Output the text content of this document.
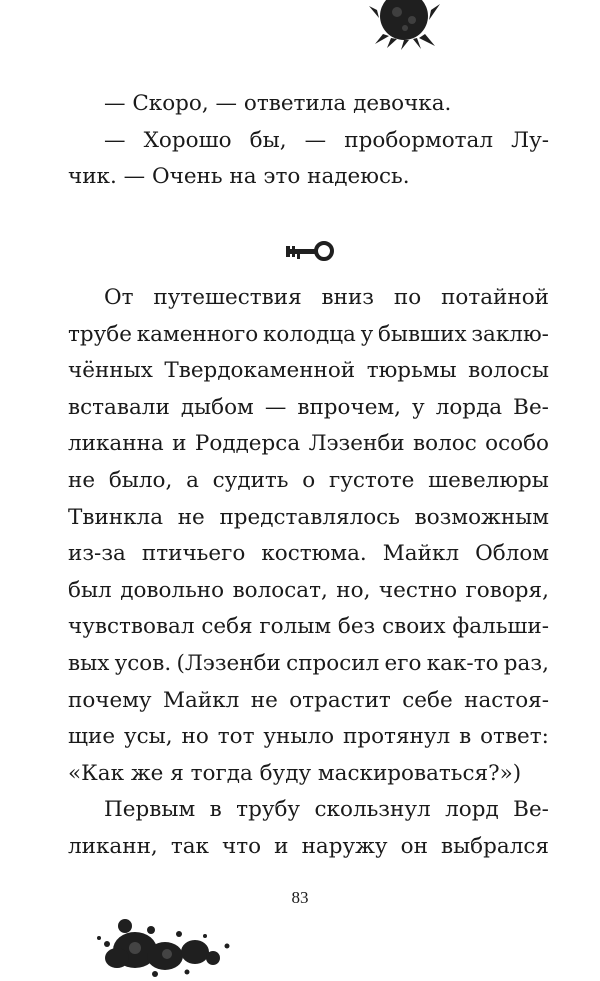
— Скоро, — ответила девочка.
— Хорошо бы, — пробормотал Лу-
чик. — Очень на это надеюсь.
От путешествия вниз по потайной
трубе каменного колодца у бывших заклю-
чённых Твердокаменной тюрьмы волосы
вставали дыбом — впрочем, у лорда Ве-
ликанна и Роддерса Лэзенби волос особо
не было, а судить о густоте шевелюры
Твинкла не представлялось возможным
из-за птичьего костюма. Майкл Облом
был довольно волосат, но, честно говоря,
чувствовал себя голым без своих фальши-
вых усов. (Лэзенби спросил его как-то раз,
почему Майкл не отрастит себе настоя-
щие усы, но тот уныло протянул в ответ:
«Как же я тогда буду маскироваться?»)
Первым в трубу скользнул лорд Ве-
ликанн, так что и наружу он выбрался
83
